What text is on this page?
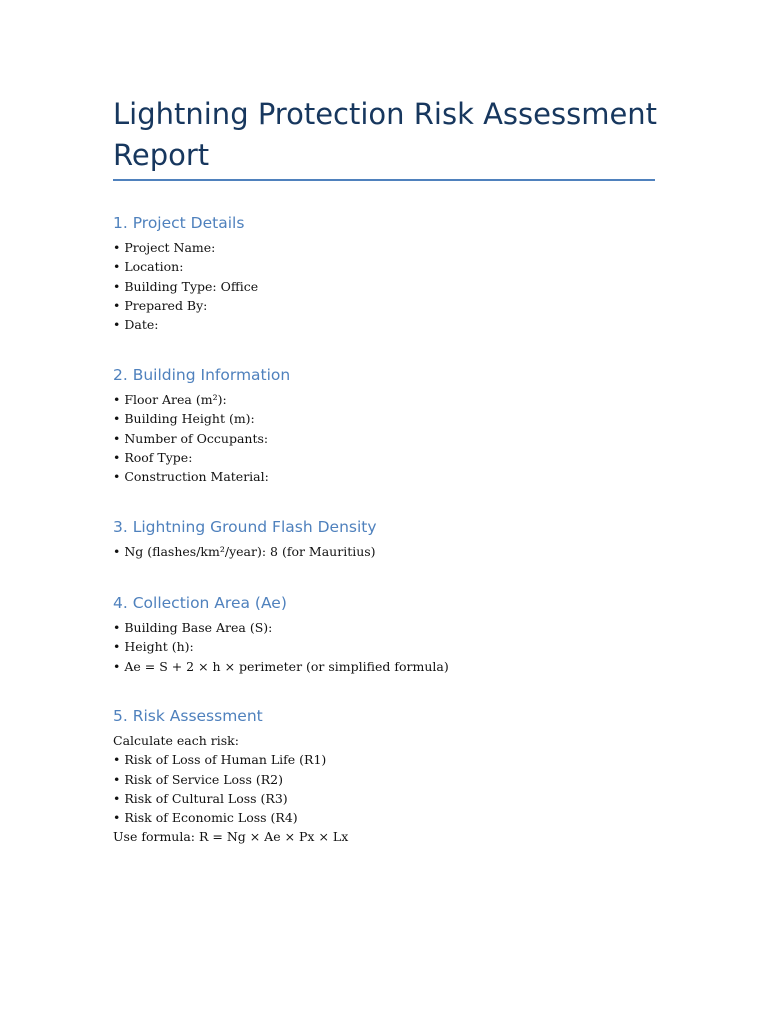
Lightning Protection Risk Assessment Report
1. Project Details
• Project Name:
• Location:
• Building Type: Office
• Prepared By:
• Date:
2. Building Information
• Floor Area (m²):
• Building Height (m):
• Number of Occupants:
• Roof Type:
• Construction Material:
3. Lightning Ground Flash Density
• Ng (flashes/km²/year): 8 (for Mauritius)
4. Collection Area (Ae)
• Building Base Area (S):
• Height (h):
• Ae = S + 2 × h × perimeter (or simplified formula)
5. Risk Assessment
Calculate each risk:
• Risk of Loss of Human Life (R1)
• Risk of Service Loss (R2)
• Risk of Cultural Loss (R3)
• Risk of Economic Loss (R4)
Use formula: R = Ng × Ae × Px × Lx
